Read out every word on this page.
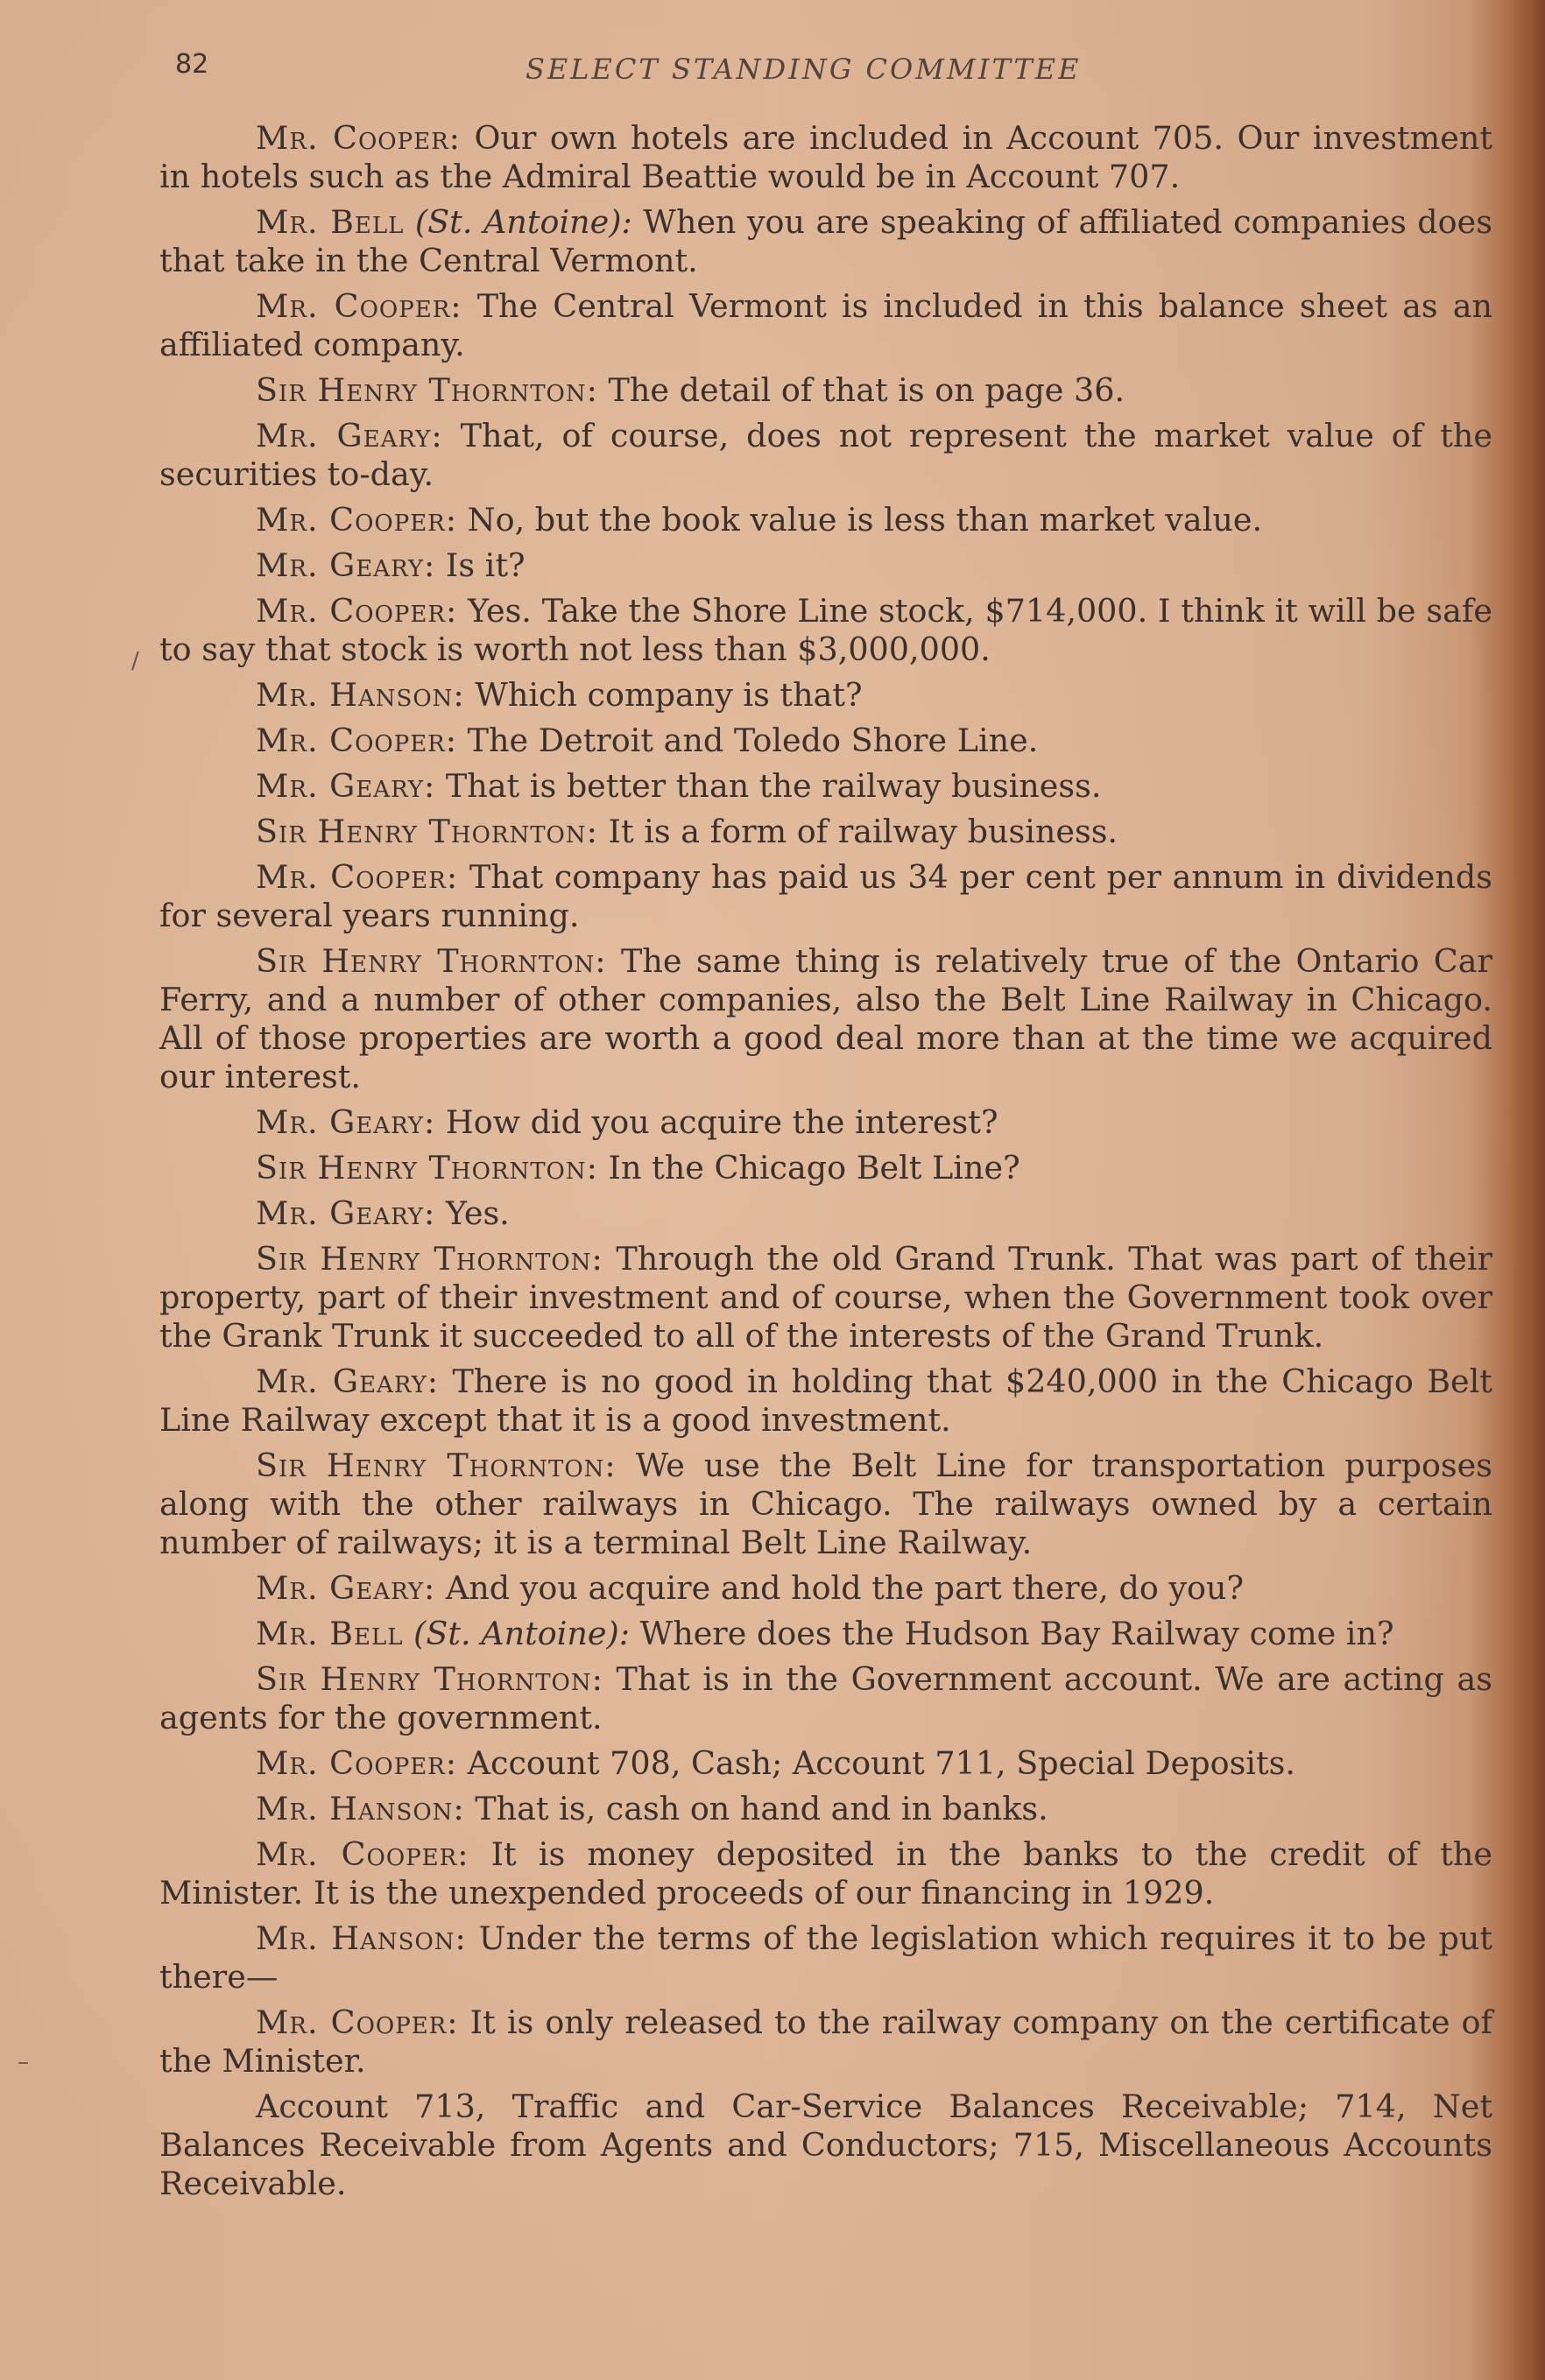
82	SELECT STANDING COMMITTEE
/
–

Mr. Cooper: Our own hotels are included in Account 705. Our investment in hotels such as the Admiral Beattie would be in Account 707.

Mr. Bell (St. Antoine): When you are speaking of affiliated companies does that take in the Central Vermont.

Mr. Cooper: The Central Vermont is included in this balance sheet as an affiliated company.

Sir Henry Thornton: The detail of that is on page 36.

Mr. Geary: That, of course, does not represent the market value of the securities to-day.

Mr. Cooper: No, but the book value is less than market value.

Mr. Geary: Is it?

Mr. Cooper: Yes. Take the Shore Line stock, $714,000. I think it will be safe to say that stock is worth not less than $3,000,000.

Mr. Hanson: Which company is that?

Mr. Cooper: The Detroit and Toledo Shore Line.

Mr. Geary: That is better than the railway business.

Sir Henry Thornton: It is a form of railway business.

Mr. Cooper: That company has paid us 34 per cent per annum in dividends for several years running.

Sir Henry Thornton: The same thing is relatively true of the Ontario Car Ferry, and a number of other companies, also the Belt Line Railway in Chicago. All of those properties are worth a good deal more than at the time we acquired our interest.

Mr. Geary: How did you acquire the interest?

Sir Henry Thornton: In the Chicago Belt Line?

Mr. Geary: Yes.

Sir Henry Thornton: Through the old Grand Trunk. That was part of their property, part of their investment and of course, when the Government took over the Grank Trunk it succeeded to all of the interests of the Grand Trunk.

Mr. Geary: There is no good in holding that $240,000 in the Chicago Belt Line Railway except that it is a good investment.

Sir Henry Thornton: We use the Belt Line for transportation purposes along with the other railways in Chicago. The railways owned by a certain number of railways; it is a terminal Belt Line Railway.

Mr. Geary: And you acquire and hold the part there, do you?

Mr. Bell (St. Antoine): Where does the Hudson Bay Railway come in?

Sir Henry Thornton: That is in the Government account. We are acting as agents for the government.

Mr. Cooper: Account 708, Cash; Account 711, Special Deposits.

Mr. Hanson: That is, cash on hand and in banks.

Mr. Cooper: It is money deposited in the banks to the credit of the Minister. It is the unexpended proceeds of our financing in 1929.

Mr. Hanson: Under the terms of the legislation which requires it to be put there—

Mr. Cooper: It is only released to the railway company on the certificate of the Minister.

Account 713, Traffic and Car-Service Balances Receivable; 714, Net Balances Receivable from Agents and Conductors; 715, Miscellaneous Accounts Receivable.
